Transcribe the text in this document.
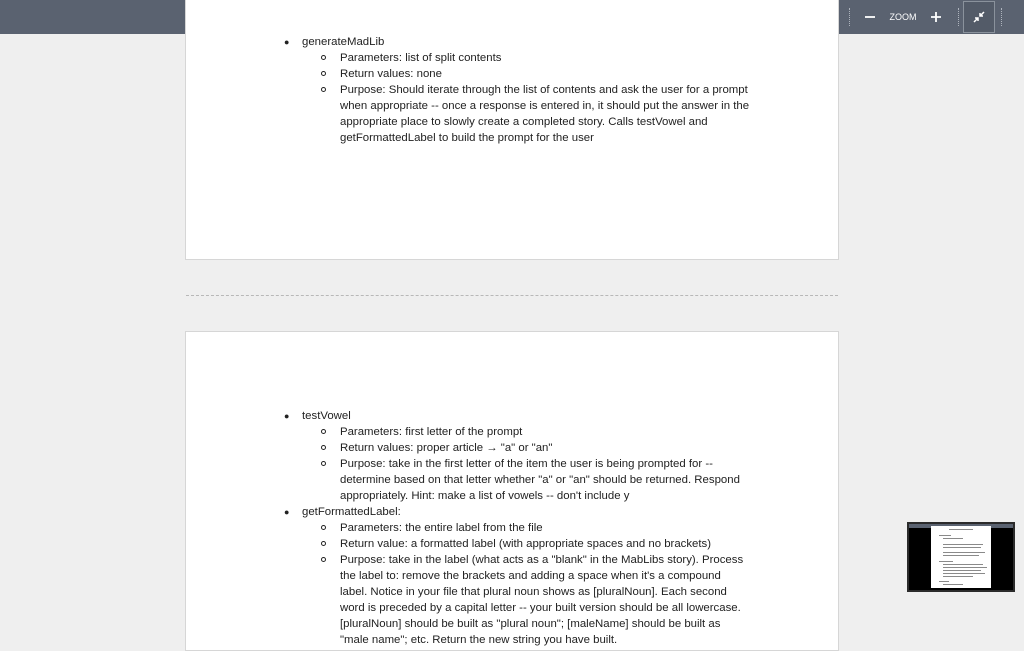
ZOOM
● generateMadLib
Parameters: list of split contents
Return values: none
Purpose: Should iterate through the list of contents and ask the user for a prompt
when appropriate -- once a response is entered in, it should put the answer in the
appropriate place to slowly create a completed story. Calls testVowel and
getFormattedLabel to build the prompt for the user
● testVowel
Parameters: first letter of the prompt
Return values: proper article → "a" or "an"
Purpose: take in the first letter of the item the user is being prompted for --
determine based on that letter whether "a" or "an" should be returned. Respond
appropriately. Hint: make a list of vowels -- don't include y
● getFormattedLabel:
Parameters: the entire label from the file
Return value: a formatted label (with appropriate spaces and no brackets)
Purpose: take in the label (what acts as a "blank" in the MabLibs story). Process
the label to: remove the brackets and adding a space when it's a compound
label. Notice in your file that plural noun shows as [pluralNoun]. Each second
word is preceded by a capital letter -- your built version should be all lowercase.
[pluralNoun] should be built as "plural noun"; [maleName] should be built as
"male name"; etc. Return the new string you have built.
